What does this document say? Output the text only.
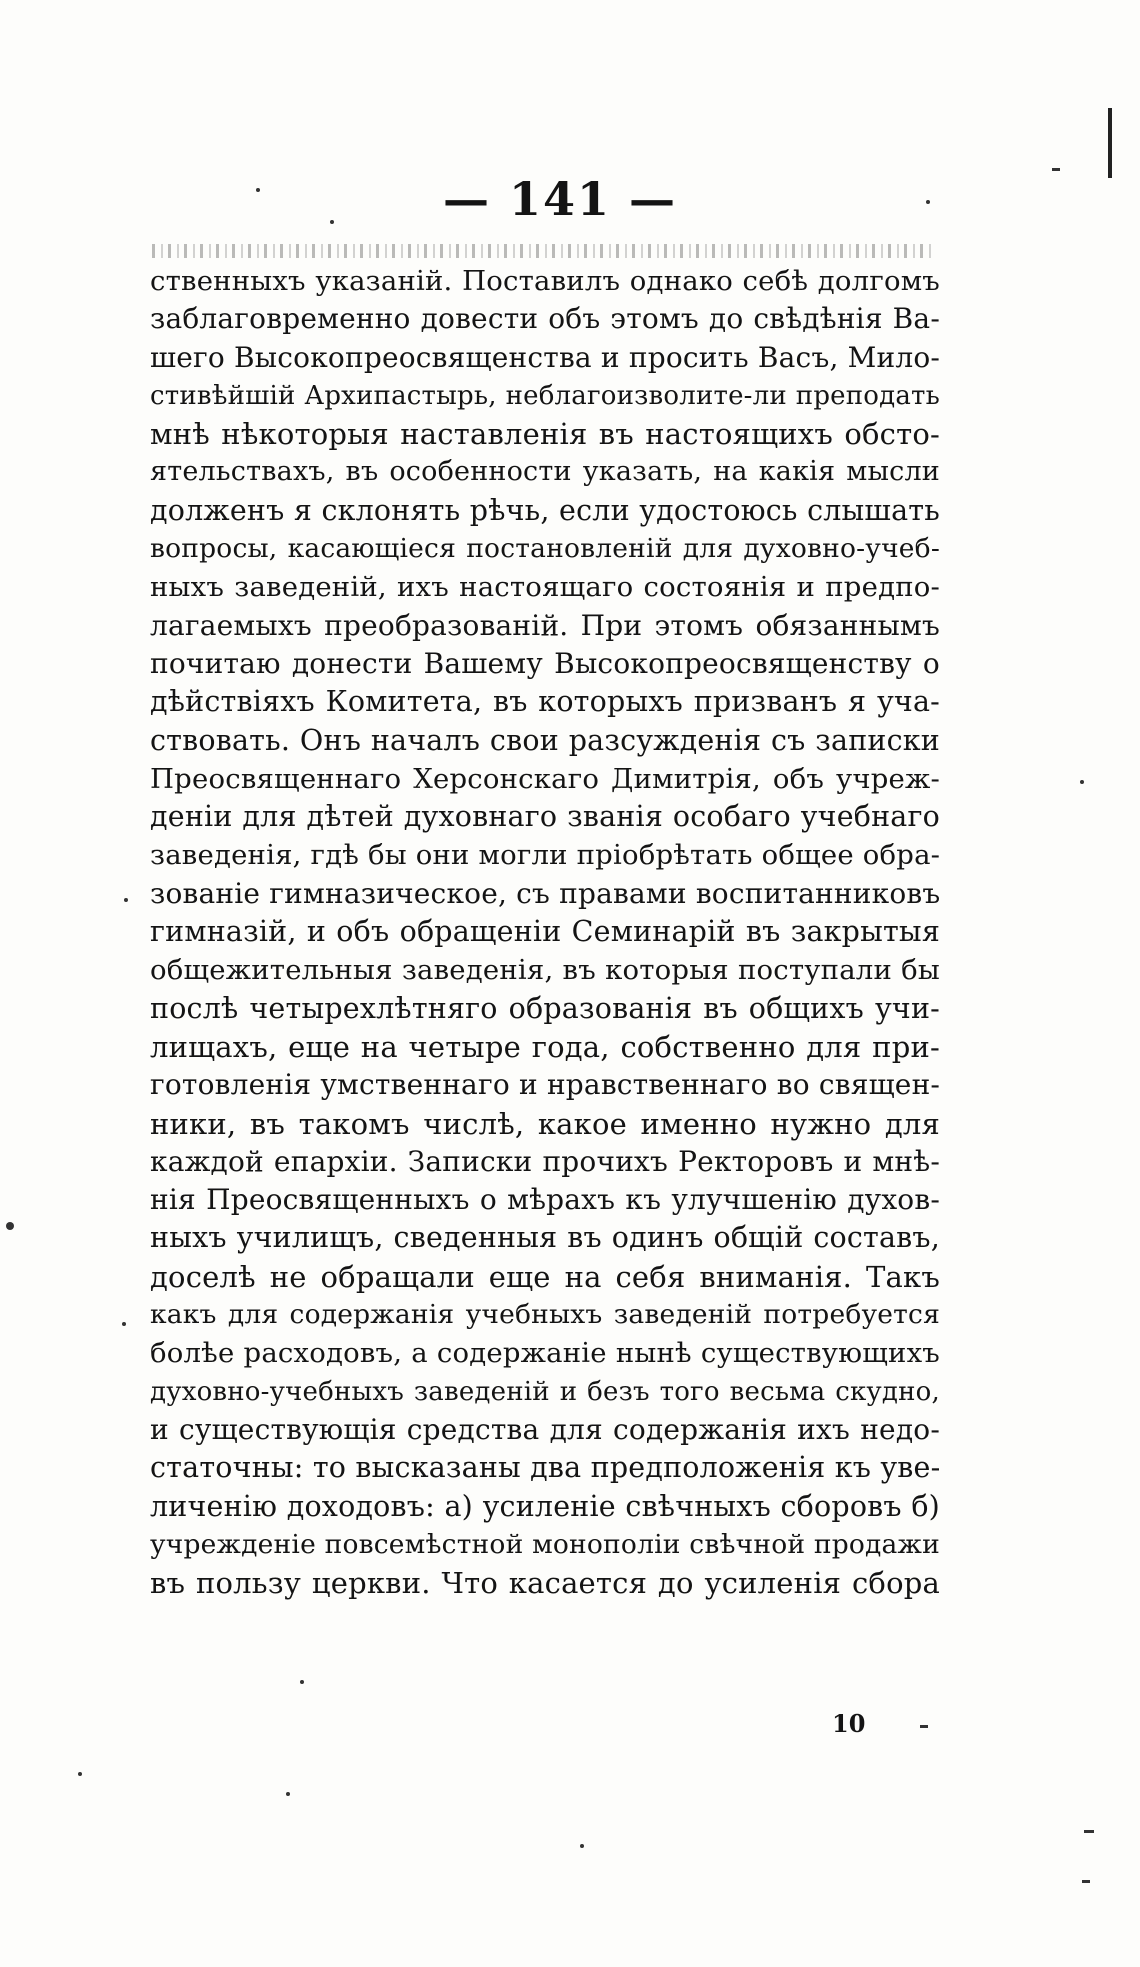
— 141 —
ственныхъ указаній. Поставилъ однако себѣ долгомъ
заблаговременно довести объ этомъ до свѣдѣнія Ва-
шего Высокопреосвященства и просить Васъ, Мило-
стивѣйшій Архипастырь, неблагоизволите-ли преподать
мнѣ нѣкоторыя наставленія въ настоящихъ обсто-
ятельствахъ, въ особенности указать, на какія мысли
долженъ я склонять рѣчь, если удостоюсь слышать
вопросы, касающіеся постановленій для духовно-учеб-
ныхъ заведеній, ихъ настоящаго состоянія и предпо-
лагаемыхъ преобразованій. При этомъ обязаннымъ
почитаю донести Вашему Высокопреосвященству о
дѣйствіяхъ Комитета, въ которыхъ призванъ я уча-
ствовать. Онъ началъ свои разсужденія съ записки
Преосвященнаго Херсонскаго Димитрія, объ учреж-
деніи для дѣтей духовнаго званія особаго учебнаго
заведенія, гдѣ бы они могли пріобрѣтать общее обра-
зованіе гимназическое, съ правами воспитанниковъ
гимназій, и объ обращеніи Семинарій въ закрытыя
общежительныя заведенія, въ которыя поступали бы
послѣ четырехлѣтняго образованія въ общихъ учи-
лищахъ, еще на четыре года, собственно для при-
готовленія умственнаго и нравственнаго во священ-
ники, въ такомъ числѣ, какое именно нужно для
каждой епархіи. Записки прочихъ Ректоровъ и мнѣ-
нія Преосвященныхъ о мѣрахъ къ улучшенію духов-
ныхъ училищъ, сведенныя въ одинъ общій составъ,
доселѣ не обращали еще на себя вниманія. Такъ
какъ для содержанія учебныхъ заведеній потребуется
болѣе расходовъ, а содержаніе нынѣ существующихъ
духовно-учебныхъ заведеній и безъ того весьма скудно,
и существующія средства для содержанія ихъ недо-
статочны: то высказаны два предположенія къ уве-
личенію доходовъ: а) усиленіе свѣчныхъ сборовъ б)
учрежденіе повсемѣстной монополіи свѣчной продажи
въ пользу церкви. Что касается до усиленія сбора
10
